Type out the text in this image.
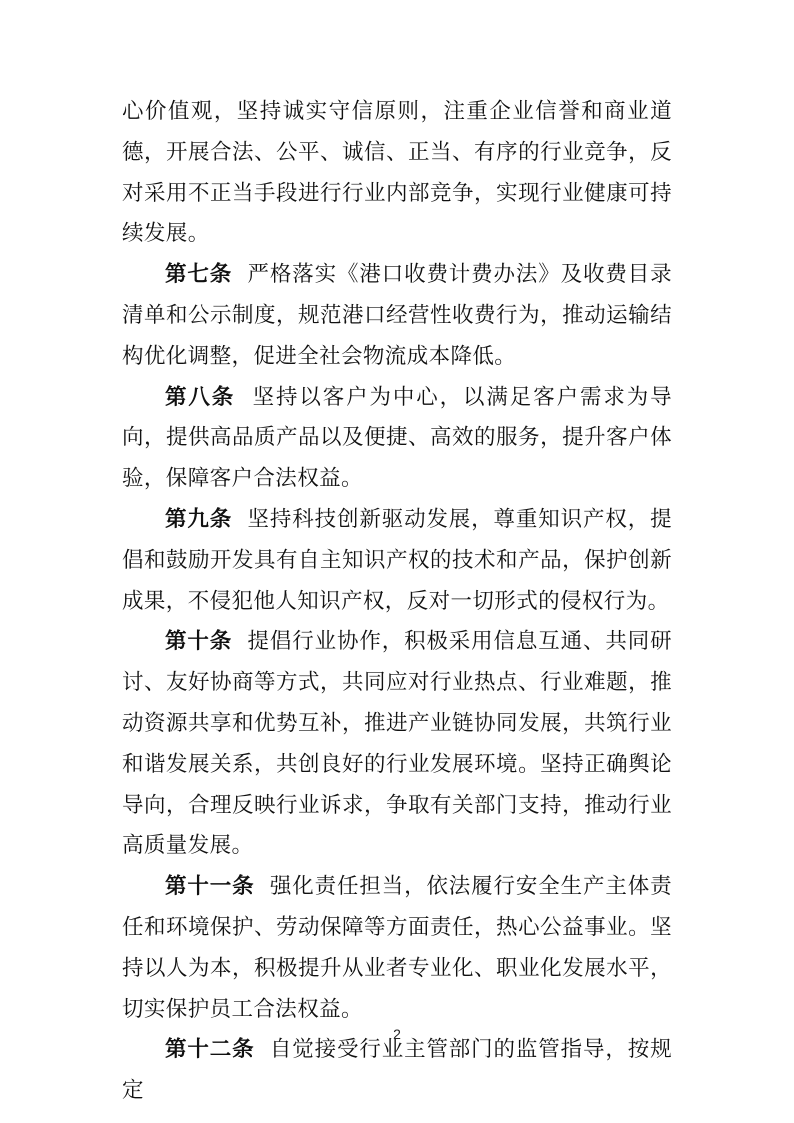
心价值观，坚持诚实守信原则，注重企业信誉和商业道德，开展合法、公平、诚信、正当、有序的行业竞争，反对采用不正当手段进行行业内部竞争，实现行业健康可持续发展。

第七条 严格落实《港口收费计费办法》及收费目录清单和公示制度，规范港口经营性收费行为，推动运输结构优化调整，促进全社会物流成本降低。

第八条 坚持以客户为中心，以满足客户需求为导向，提供高品质产品以及便捷、高效的服务，提升客户体验，保障客户合法权益。

第九条 坚持科技创新驱动发展，尊重知识产权，提倡和鼓励开发具有自主知识产权的技术和产品，保护创新成果，不侵犯他人知识产权，反对一切形式的侵权行为。

第十条 提倡行业协作，积极采用信息互通、共同研讨、友好协商等方式，共同应对行业热点、行业难题，推动资源共享和优势互补，推进产业链协同发展，共筑行业和谐发展关系，共创良好的行业发展环境。坚持正确舆论导向，合理反映行业诉求，争取有关部门支持，推动行业高质量发展。

第十一条 强化责任担当，依法履行安全生产主体责任和环境保护、劳动保障等方面责任，热心公益事业。坚持以人为本，积极提升从业者专业化、职业化发展水平，切实保护员工合法权益。

第十二条 自觉接受行业主管部门的监管指导，按规定

2
